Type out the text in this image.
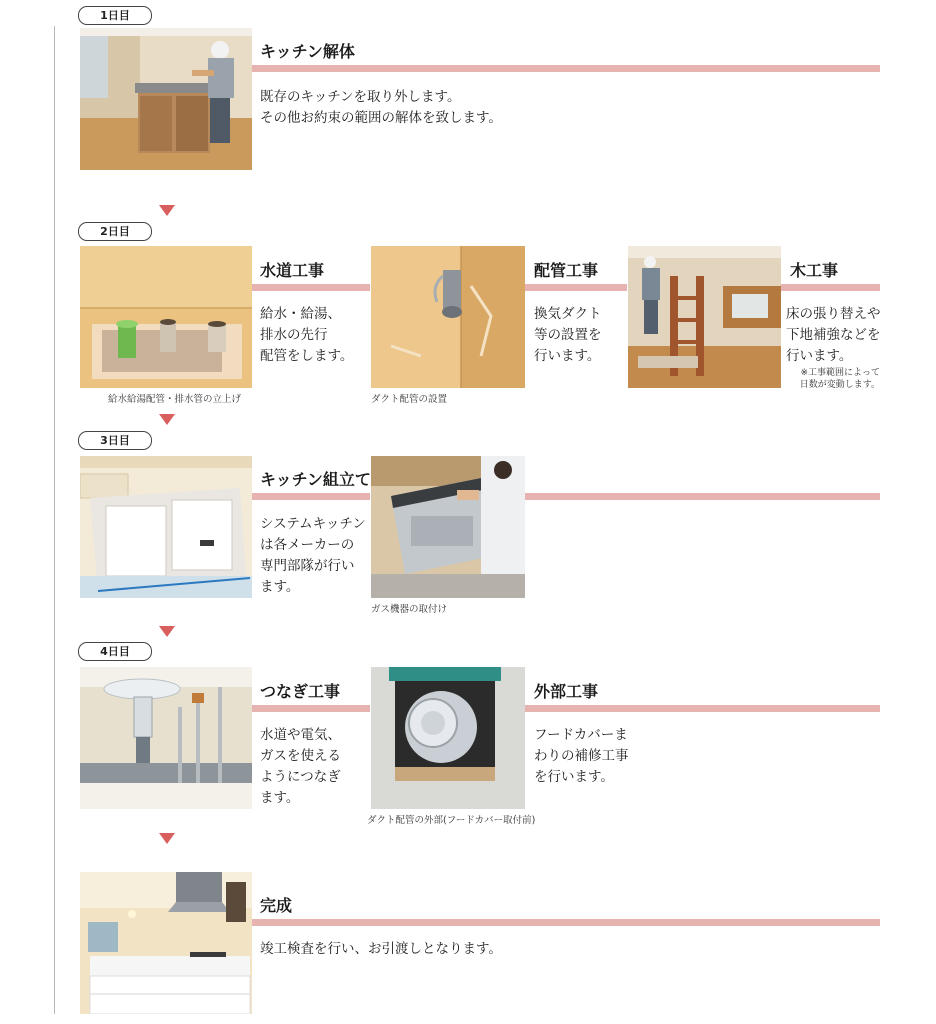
1日目
キッチン解体
既存のキッチンを取り外します。
その他お約束の範囲の解体を致します。
2日目
給水給湯配管・排水管の立上げ
水道工事
給水・給湯、
排水の先行
配管をします。
ダクト配管の設置
配管工事
換気ダクト
等の設置を
行います。
木工事
床の張り替えや
下地補強などを
行います。
※工事範囲によって
日数が変動します。
3日目
キッチン組立て
システムキッチン
は各メーカーの
専門部隊が行い
ます。
ガス機器の取付け
4日目
つなぎ工事
水道や電気、
ガスを使える
ようにつなぎ
ます。
ダクト配管の外部(フードカバー取付前)
外部工事
フードカバーま
わりの補修工事
を行います。
完成
竣工検査を行い、お引渡しとなります。
